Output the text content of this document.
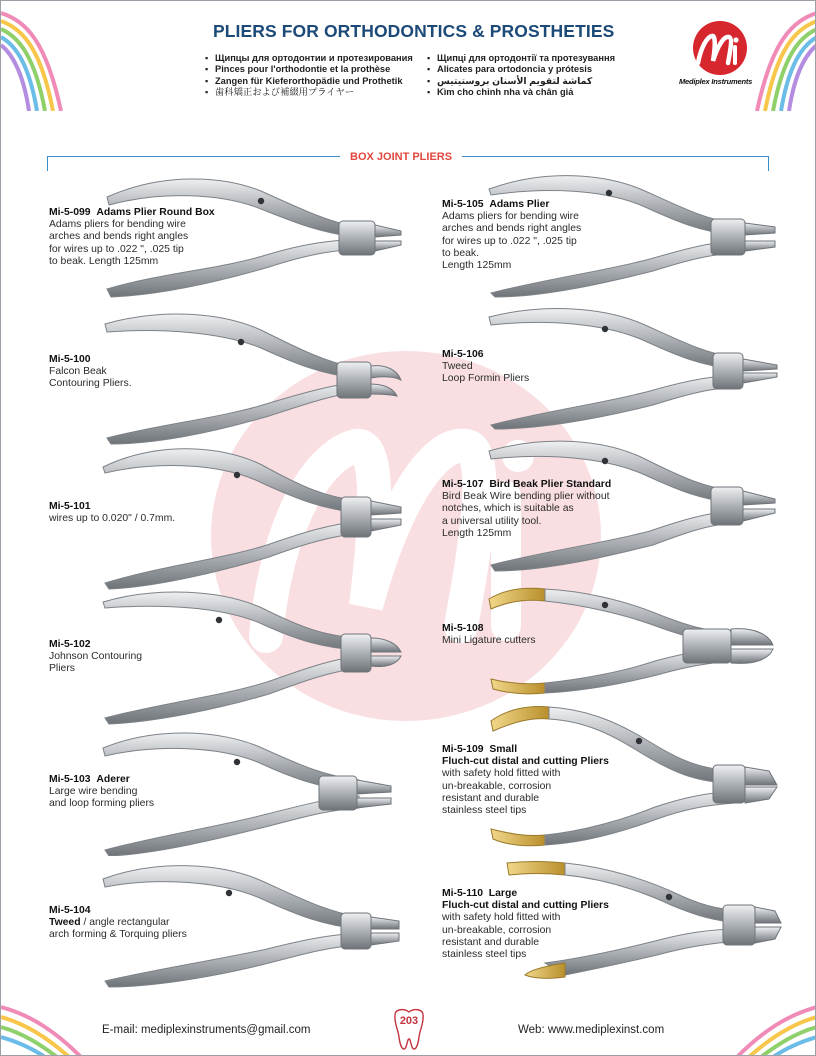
PLIERS FOR ORTHODONTICS & PROSTHETIES
▪ Щипцы для ортодонтии и протезирования
▪ Pinces pour l'orthodontie et la prothèse
▪ Zangen für Kieferorthopädie und Prothetik
▪ 歯科矯正および補綴用プライヤー
▪ Щипці для ортодонтії та протезування
▪ Alicates para ortodoncia y prótesis
▪ كماشة لتقويم الأسنان بروستيتيس
▪ Kìm cho chỉnh nha và chân giả
Mediplex Instruments
BOX JOINT PLIERS
Mi-5-099 Adams Plier Round Box
Adams pliers for bending wire
arches and bends right angles
for wires up to .022 ", .025 tip
to beak. Length 125mm
Mi-5-100
Falcon Beak
Contouring Pliers.
Mi-5-101
wires up to 0.020" / 0.7mm.
Mi-5-102
Johnson Contouring
Pliers
Mi-5-103 Aderer
Large wire bending
and loop forming pliers
Mi-5-104
Tweed / angle rectangular
arch forming & Torquing pliers
Mi-5-105 Adams Plier
Adams pliers for bending wire
arches and bends right angles
for wires up to .022 ", .025 tip
to beak.
Length 125mm
Mi-5-106
Tweed
Loop Formin Pliers
Mi-5-107 Bird Beak Plier Standard
Bird Beak Wire bending plier without
notches, which is suitable as
a universal utility tool.
Length 125mm
Mi-5-108
Mini Ligature cutters
Mi-5-109 Small
Fluch-cut distal and cutting Pliers
with safety hold fitted with
un-breakable, corrosion
resistant and durable
stainless steel tips
Mi-5-110 Large
Fluch-cut distal and cutting Pliers
with safety hold fitted with
un-breakable, corrosion
resistant and durable
stainless steel tips
E-mail: mediplexinstruments@gmail.com
203
Web: www.mediplexinst.com
